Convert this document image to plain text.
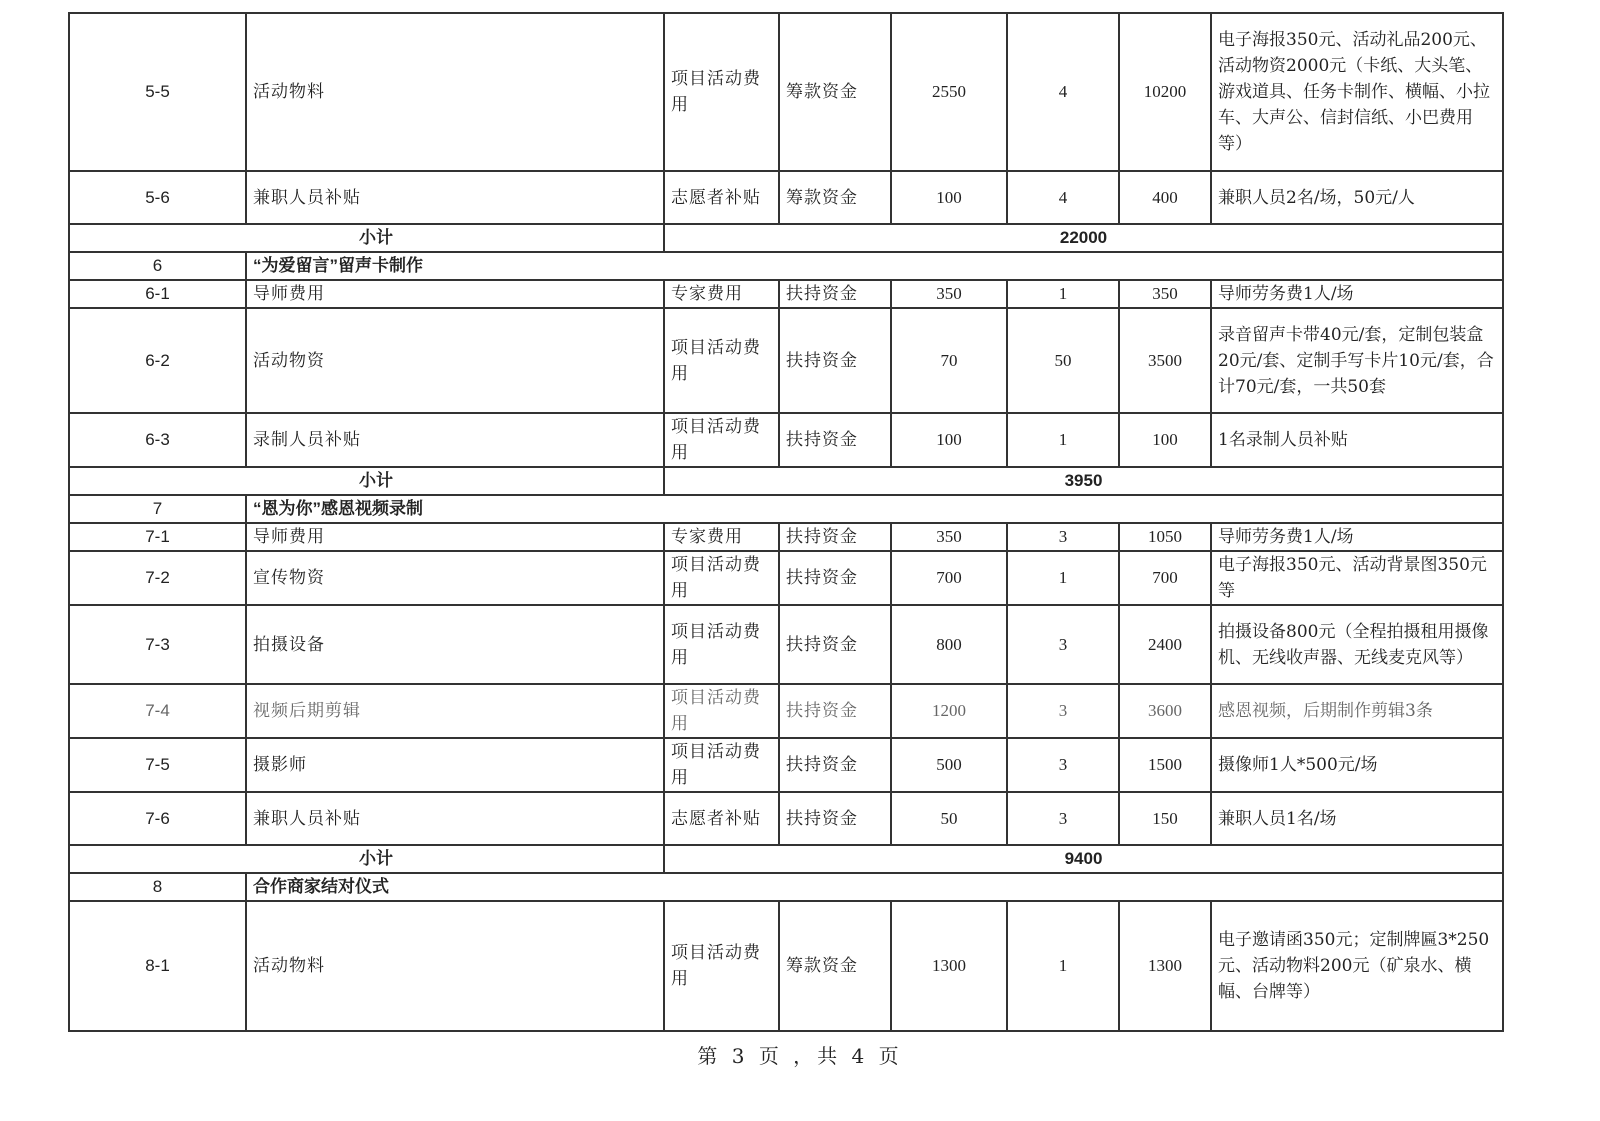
5-5	活动物料	项目活动费用	筹款资金	2550	4	10200	电子海报350元、活动礼品200元、活动物资2000元（卡纸、大头笔、游戏道具、任务卡制作、横幅、小拉车、大声公、信封信纸、小巴费用等）
5-6	兼职人员补贴	志愿者补贴	筹款资金	100	4	400	兼职人员2名/场，50元/人
小计		22000					
6	“为爱留言”留声卡制作						
6-1	导师费用	专家费用	扶持资金	350	1	350	导师劳务费1人/场
6-2	活动物资	项目活动费用	扶持资金	70	50	3500	录音留声卡带40元/套，定制包装盒20元/套、定制手写卡片10元/套，合计70元/套，一共50套
6-3	录制人员补贴	项目活动费用	扶持资金	100	1	100	1名录制人员补贴
小计		3950					
7	“恩为你”感恩视频录制						
7-1	导师费用	专家费用	扶持资金	350	3	1050	导师劳务费1人/场
7-2	宣传物资	项目活动费用	扶持资金	700	1	700	电子海报350元、活动背景图350元等
7-3	拍摄设备	项目活动费用	扶持资金	800	3	2400	拍摄设备800元（全程拍摄租用摄像机、无线收声器、无线麦克风等）
7-4	视频后期剪辑	项目活动费用	扶持资金	1200	3	3600	感恩视频，后期制作剪辑3条
7-5	摄影师	项目活动费用	扶持资金	500	3	1500	摄像师1人*500元/场
7-6	兼职人员补贴	志愿者补贴	扶持资金	50	3	150	兼职人员1名/场
小计		9400					
8	合作商家结对仪式						
8-1	活动物料	项目活动费用	筹款资金	1300	1	1300	电子邀请函350元；定制牌匾3*250元、活动物料200元（矿泉水、横幅、台牌等）
第 3 页 ，共 4 页
